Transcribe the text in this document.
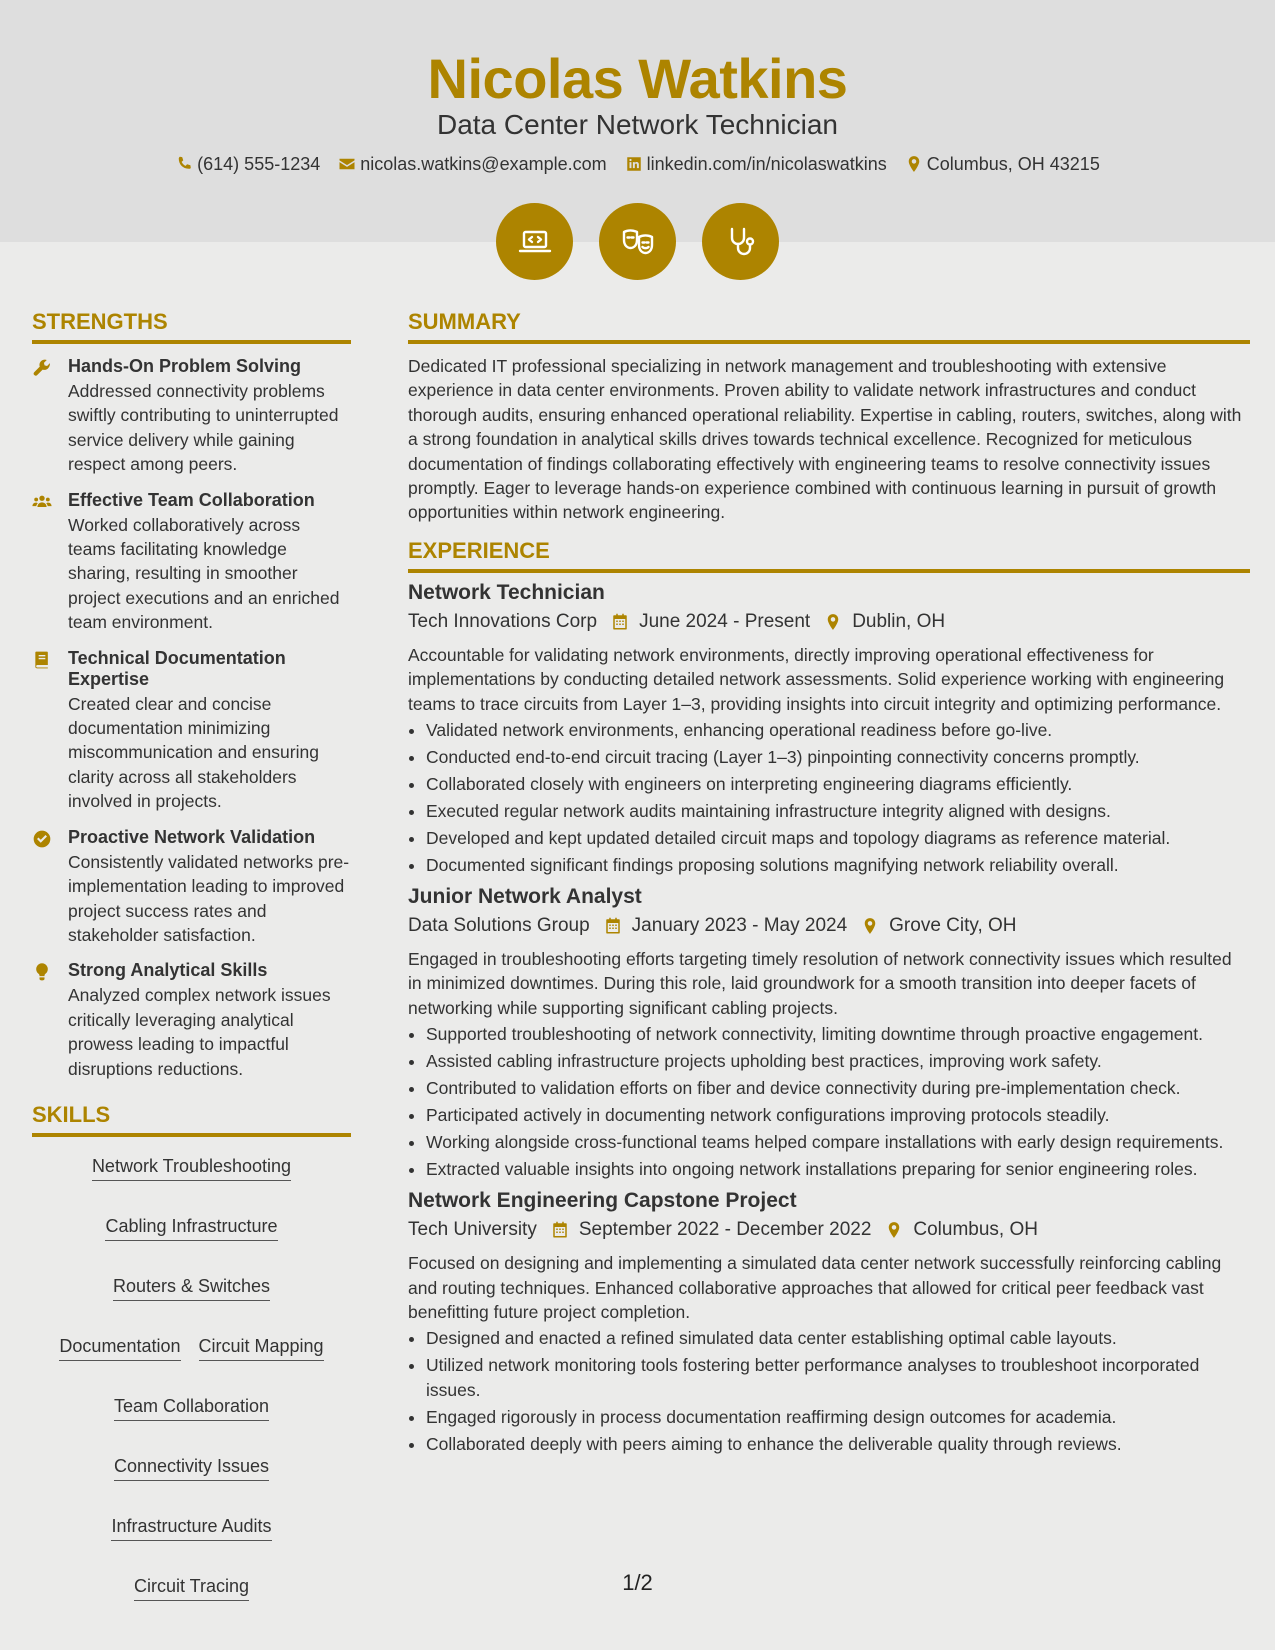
Nicolas Watkins
Data Center Network Technician
(614) 555-1234 nicolas.watkins@example.com linkedin.com/in/nicolaswatkins Columbus, OH 43215
STRENGTHS
Hands-On Problem Solving
Addressed connectivity problems swiftly contributing to uninterrupted service delivery while gaining respect among peers.
Effective Team Collaboration
Worked collaboratively across teams facilitating knowledge sharing, resulting in smoother project executions and an enriched team environment.
Technical Documentation Expertise
Created clear and concise documentation minimizing miscommunication and ensuring clarity across all stakeholders involved in projects.
Proactive Network Validation
Consistently validated networks pre-implementation leading to improved project success rates and stakeholder satisfaction.
Strong Analytical Skills
Analyzed complex network issues critically leveraging analytical prowess leading to impactful disruptions reductions.
SKILLS
Network Troubleshooting
Cabling Infrastructure
Routers & Switches
Documentation Circuit Mapping
Team Collaboration
Connectivity Issues
Infrastructure Audits
Circuit Tracing
SUMMARY

Dedicated IT professional specializing in network management and troubleshooting with extensive experience in data center environments. Proven ability to validate network infrastructures and conduct thorough audits, ensuring enhanced operational reliability. Expertise in cabling, routers, switches, along with a strong foundation in analytical skills drives towards technical excellence. Recognized for meticulous documentation of findings collaborating effectively with engineering teams to resolve connectivity issues promptly. Eager to leverage hands-on experience combined with continuous learning in pursuit of growth opportunities within network engineering.

EXPERIENCE
Network Technician
Tech Innovations Corp June 2024 - Present Dublin, OH
Accountable for validating network environments, directly improving operational effectiveness for implementations by conducting detailed network assessments. Solid experience working with engineering teams to trace circuits from Layer 1–3, providing insights into circuit integrity and optimizing performance.
• Validated network environments, enhancing operational readiness before go-live.
• Conducted end-to-end circuit tracing (Layer 1–3) pinpointing connectivity concerns promptly.
• Collaborated closely with engineers on interpreting engineering diagrams efficiently.
• Executed regular network audits maintaining infrastructure integrity aligned with designs.
• Developed and kept updated detailed circuit maps and topology diagrams as reference material.
• Documented significant findings proposing solutions magnifying network reliability overall.
Junior Network Analyst
Data Solutions Group January 2023 - May 2024 Grove City, OH
Engaged in troubleshooting efforts targeting timely resolution of network connectivity issues which resulted in minimized downtimes. During this role, laid groundwork for a smooth transition into deeper facets of networking while supporting significant cabling projects.
• Supported troubleshooting of network connectivity, limiting downtime through proactive engagement.
• Assisted cabling infrastructure projects upholding best practices, improving work safety.
• Contributed to validation efforts on fiber and device connectivity during pre-implementation check.
• Participated actively in documenting network configurations improving protocols steadily.
• Working alongside cross-functional teams helped compare installations with early design requirements.
• Extracted valuable insights into ongoing network installations preparing for senior engineering roles.
Network Engineering Capstone Project
Tech University September 2022 - December 2022 Columbus, OH
Focused on designing and implementing a simulated data center network successfully reinforcing cabling and routing techniques. Enhanced collaborative approaches that allowed for critical peer feedback vast benefitting future project completion.
• Designed and enacted a refined simulated data center establishing optimal cable layouts.
• Utilized network monitoring tools fostering better performance analyses to troubleshoot incorporated issues.
• Engaged rigorously in process documentation reaffirming design outcomes for academia.
• Collaborated deeply with peers aiming to enhance the deliverable quality through reviews.
1/2
